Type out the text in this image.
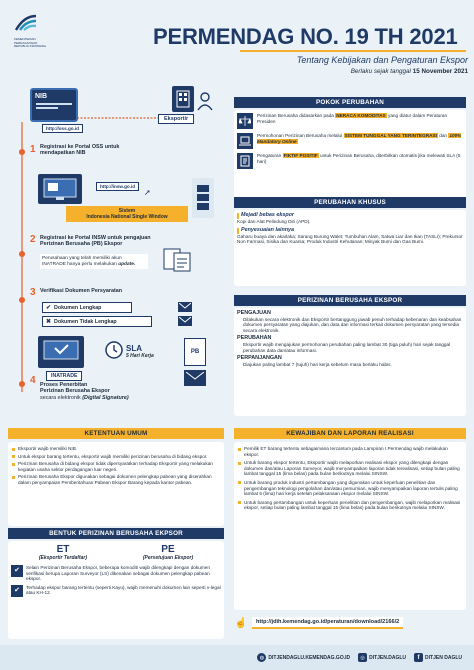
KEMENTERIAN PERDAGANGAN REPUBLIK INDONESIA	PERMENDAG NO. 19 TH 2021
Tentang Kebijakan dan Pengaturan Ekspor
Berlaku sejak tanggal 15 November 2021
NIB
http://oss.go.id
Eksportir
1 Registrasi ke Portal OSS untuk mendapatkan NIB
http://insw.go.id
➚
Sistem
Indonesia National Single Window
2 Registrasi ke Portal INSW untuk pengajuan Perizinan Berusaha (PB) Ekspor
Perusahaan yang telah memiliki akun INATRADE hanya perlu melakukan update.
3 Verifikasi Dokumen Persyaratan
✔ Dokumen Lengkap
✖ Dokumen Tidak Lengkap
INATRADE
SLA
5 Hari Kerja
PB
4 Proses Penerbitan
Perizinan Berusaha Ekspor
secara elektronik (Digital Signature)
POKOK PERUBAHAN
Perizinan Berusaha didasarkan pada NERACA KOMODITAS yang diatur dalam Peraturan Presiden
Permohonan Perizinan Berusaha melalui SISTEM TUNGGAL YANG TERINTEGRASI dan 100% Mandatory Online
Pengaturan FIKTIF POSITIF untuk Perizinan Berusaha, diterbitkan otomatis jika melewati SLA (5 hari)
PERUBAHAN KHUSUS
Mejadi bebas ekspor
Kopi dan Alat Pelindung Diri (APD).
Penyesuaian lainnya
Gaharu buaya dan akarlaka; Sarang Burung Walet; Tumbuhan Alam, Satwa Liar dan Ikan (TASLI); Prekursor Non Farmasi, Sisika dan Kuarsa; Produk Industri Kehutanan; Minyak Bumi dan Gas Bumi.
PERIZINAN BERUSAHA EKSPOR
PENGAJUAN
Dilakukan secara elektronik dan Eksportir bertanggung jawab penuh terhadap kebenaran dan keabsahan dokumen persyaratan yang diajukan, dan data dan informasi terkait dokumen persyaratan yang tersedia secara elektronik.
PERUBAHAN
Eksportir wajib mengajukan permohonan perubahan paling lambat 30 (tiga puluh) hari sejak tanggal perubahan data dan/atau informasi.
PERPANJANGAN
Diajukan paling lambat 7 (tujuh) hari kerja sebelum masa berlaku habis.
KEWAJIBAN DAN LAPORAN REALISASI
Pemilik ET barang tertentu sebagaimana tercantum pada Lampiran I Permendag wajib melakukan ekspor.
Untuk barang ekspor tertentu, Eksportir wajib melaporkan realisasi ekspor yang dilengkapi dengan dokumen dan/atau Laporan Surveyor, wajib menyampaikan laporan tidak terealisasi, setiap bulan paling lambat tanggal 15 (lima belas) pada bulan berikutnya melalui SINSW.
Untuk barang produk industri pertambangan yang digunakan untuk keperluan penelitian dan pengembangan teknologi pengolahan dan/atau pemurnian, wajib menyampaikan laporan tertulis paling lambat 5 (lima) hari kerja setelah pelaksanaan ekspor melalui SINSW.
Untuk barang pertambangan untuk keperluan penelitian dan pengembangan, wajib melaporkan realisasi ekspor, setiap bulan paling lambat tanggal 15 (lima belas) pada bulan berikutnya melalui SINSW.
☝	http://jdih.kemendag.go.id/peraturan/download/2166/2
KETENTUAN UMUM
Eksportir wajib memiliki NIB.
Untuk ekspor barang tertentu, eksportir wajib memiliki perizinan berusaha di bidang ekspor.
Perizinan Berusaha di bidang ekspor tidak dipersyaratkan terhadap Eksportir yang melakukan kegiatan usaha sektor perdagangan luar negeri.
Perizinan Berusaha Ekspor digunakan sebagai dokumen pelengkap pabean yang diserahkan dalam penyampaian Pemberitahuan Pabean Ekspor Barang kepada kantor pabean.
BENTUK PERIZINAN BERUSAHA EKPSOR
ET
(Eksportir Terdaftar)
PE
(Persetujuan Ekspor)
✔	Selain Perizinan Berusaha Ekspor, beberapa komoditi wajib dilengkapi dengan dokumen verifikasi berupa Laporan Surveyor (LS) dikenakan sebagai dokumen pelengkap pabean ekspor.
✔	Terhadap ekspor barang tertentu (seperti Kayu), wajib memenuhi dokumen lain seperti v-legal atau KH-12.
◍ DITJENDAGLU.KEMENDAG.GO.ID	◎ DITJEN.DAGLU	f	DITJEN DAGLU
